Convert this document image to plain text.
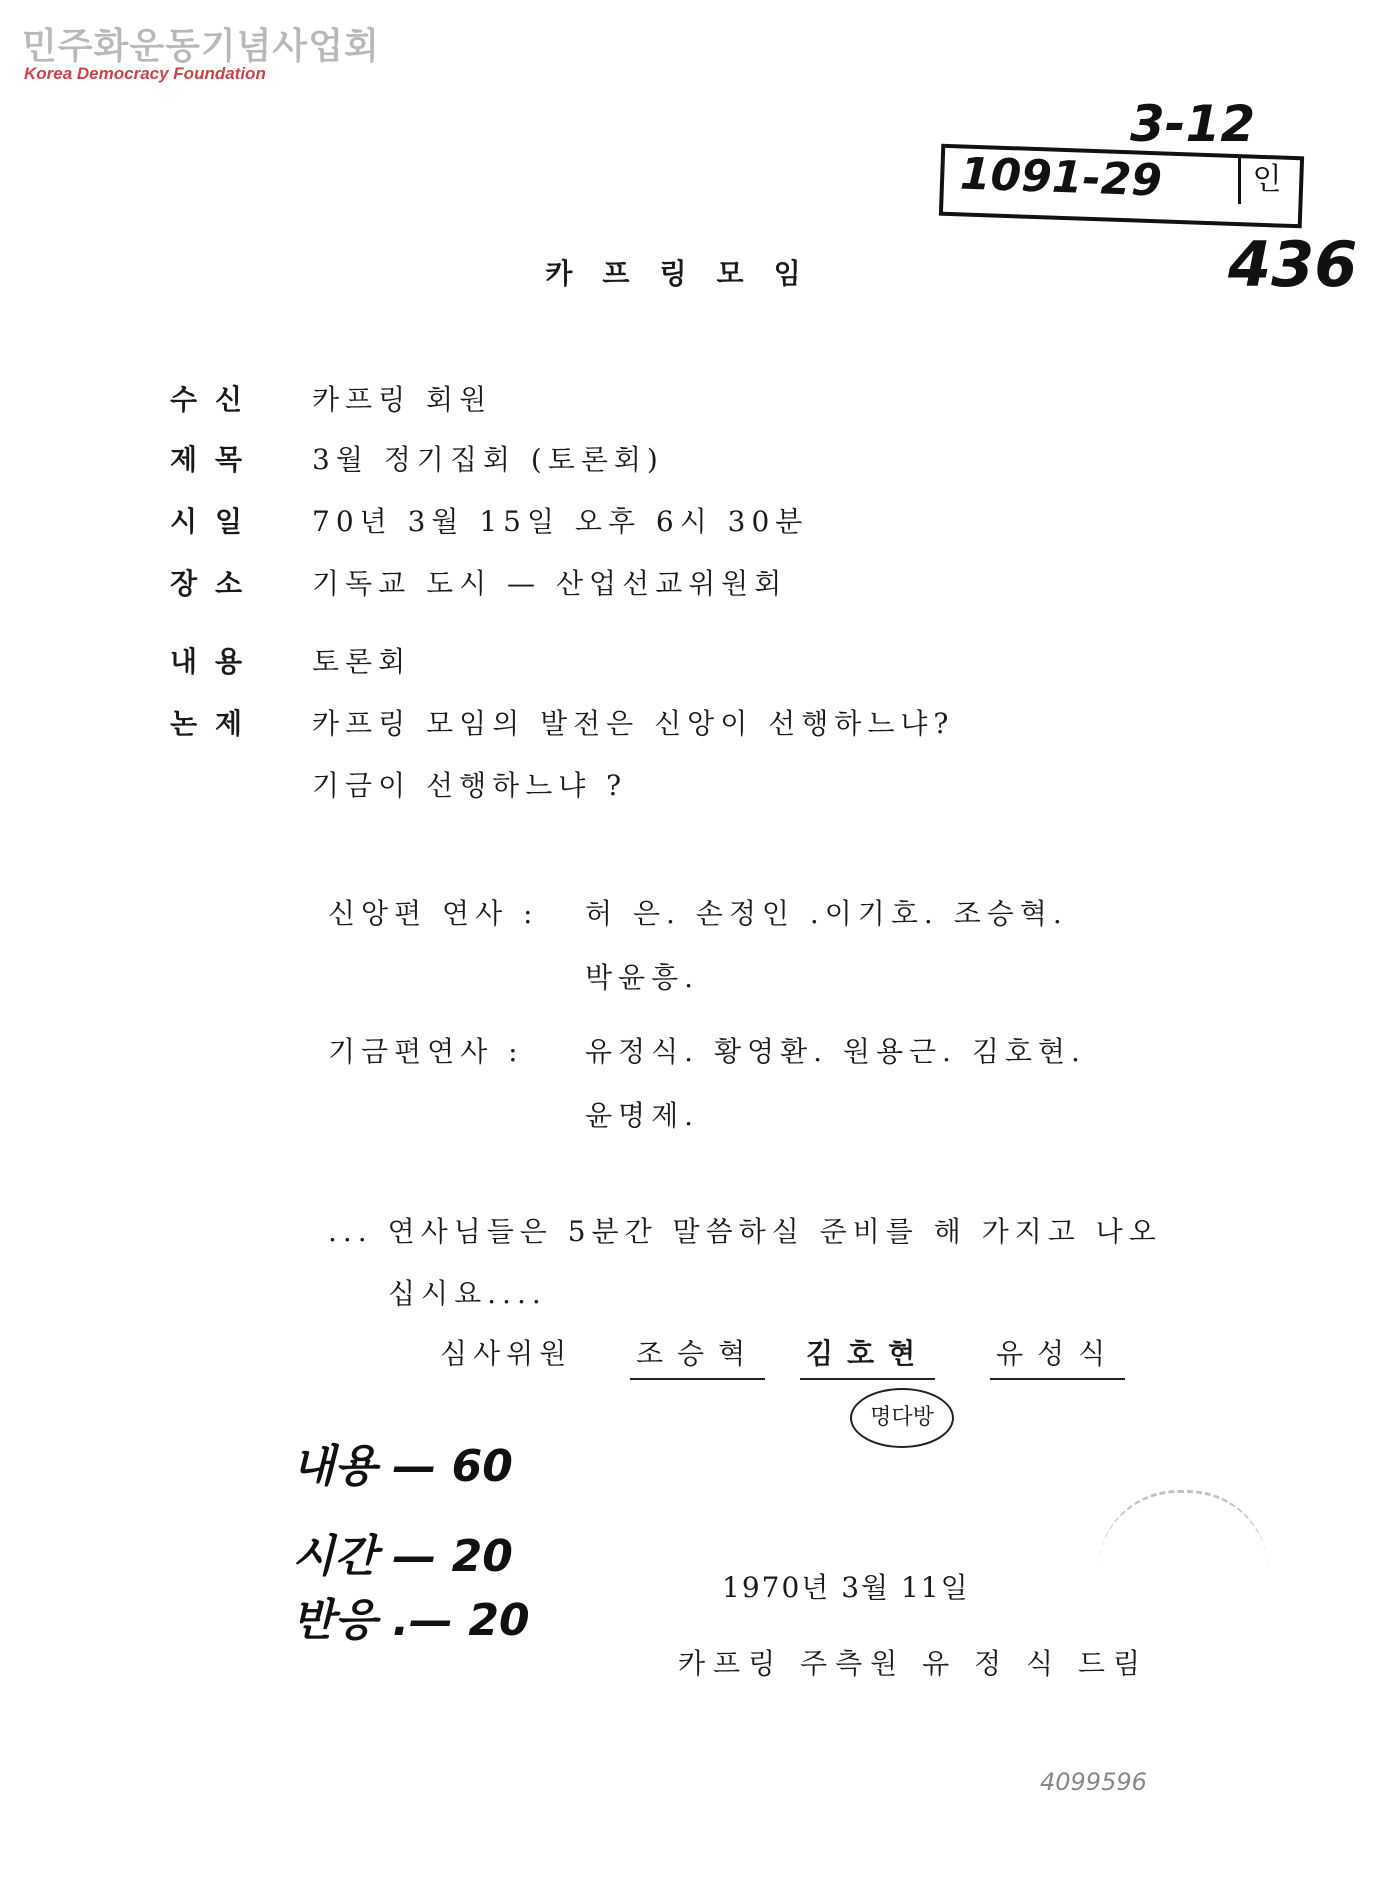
민주화운동기념사업회
Korea Democracy Foundation
3-12
1091-29	인
436
카프링모임
수신 카프링 회원
제목 3월 정기집회 (토론회)
시일 70년 3월 15일 오후 6시 30분
장소 기독교 도시 — 산업선교위원회
내용 토론회
논제 카프링 모임의 발전은 신앙이 선행하느냐?
기금이 선행하느냐 ?
신앙편 연사 : 허 은. 손정인 .이기호. 조승혁.
박윤흥.
기금편연사 : 유정식. 황영환. 원용근. 김호현.
윤명제.
... 연사님들은 5분간 말씀하실 준비를 해 가지고 나오
십시요....
심사위원 조승혁 김호현 유성식
명다방
내용 — 60
시간 — 20
반응 .— 20
1970년 3월 11일
카프링 주측원 유 정 식 드림
4099596
